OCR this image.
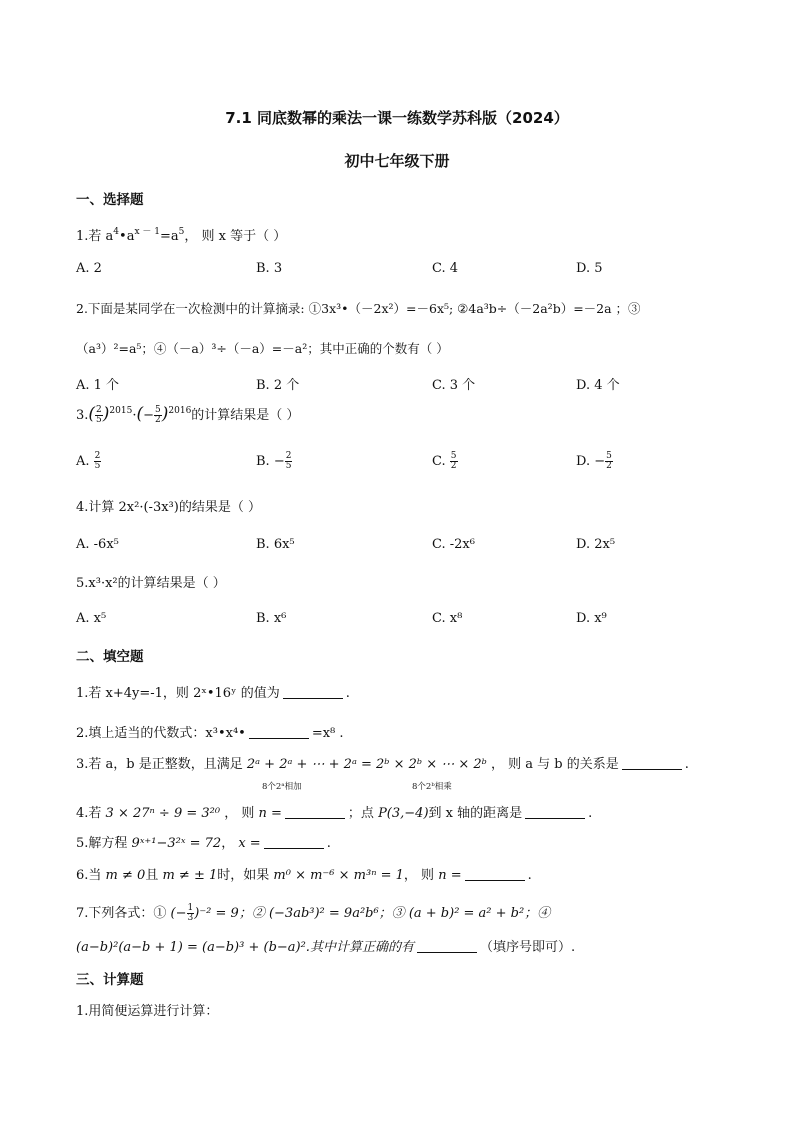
7.1 同底数幂的乘法一课一练数学苏科版（2024）
初中七年级下册
一、选择题
1.若 $a^4•a^{x - 1}=a^5$， 则 x 等于（ ）
A. 2	B. 3	C. 4	D. 5
2.下面是某同学在一次检测中的计算摘录: ①3x³•（－2x²）=－6x⁵; ②4a³b÷（－2a²b）=－2a ；③
（a³）²=a⁵；④（－a）³÷（－a）=－a²；其中正确的个数有（ ）
A. 1 个	B. 2 个	C. 3 个	D. 4 个
$3.( \frac{2}{5} )^{2015}\cdot(- \frac{5}{2} )^{2016}$的计算结果是（ ）
A. $\frac{2}{5}$	B. − $\frac{2}{5}$	C. $\frac{5}{2}$	D. − $\frac{5}{2}$
4.计算 2x²·(-3x³)的结果是（ ）
A. -6x⁵	B. 6x⁵	C. -2x⁶	D. 2x⁵
5.x³·x²的计算结果是（ ）
A. x⁵	B. x⁶	C. x⁸	D. x⁹
二、填空题
1.若 x+4y=-1，则 2ˣ•16ʸ 的值为	.
2.填上适当的代数式：x³•x⁴•	=x⁸ .
3.若 a，b 是正整数，且满足 2ᵃ + 2ᵃ + ⋯ + 2ᵃ = 2ᵇ × 2ᵇ × ⋯ × 2ᵇ ， 则 a 与 b 的关系是	.
8个2ᵃ相加	8个2ᵇ相乘
4.若 3 × 27ⁿ ÷ 9 = 3²⁰ ， 则 n =	；点 P(3,−4)到 x 轴的距离是	.
5.解方程 9ˣ⁺¹−3²ˣ = 72， x =	.
6.当 m ≠ 0且 m ≠ ± 1时，如果 m⁰ × m⁻⁶ × m³ⁿ = 1， 则 n =	.
7.下列各式：① (− $\frac{1}{3} )^{-2} = 9$；② (−3ab³)² = 9a²b⁶；③ (a + b)² = a² + b²；④
(a−b)²(a−b + 1) = (a−b)³ + (b−a)².其中计算正确的有	（填序号即可）.
三、计算题
1.用简便运算进行计算：
